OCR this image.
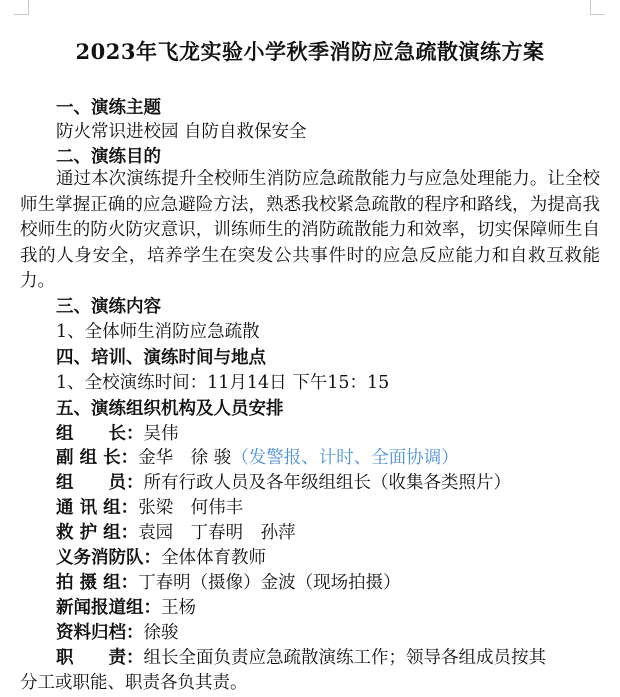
2023年飞龙实验小学秋季消防应急疏散演练方案
一、演练主题
防火常识进校园 自防自救保安全
二、演练目的
通过本次演练提升全校师生消防应急疏散能力与应急处理能力。让全校师生掌握正确的应急避险方法，熟悉我校紧急疏散的程序和路线，为提高我校师生的防火防灾意识，训练师生的消防疏散能力和效率，切实保障师生自我的人身安全，培养学生在突发公共事件时的应急反应能力和自救互救能力。
三、演练内容
1、全体师生消防应急疏散
四、培训、演练时间与地点
1、全校演练时间：11月14日 下午15：15
五、演练组织机构及人员安排
组　　长：吴伟
副 组 长：金华　徐 骏（发警报、计时、全面协调）
组　　员：所有行政人员及各年级组组长（收集各类照片）
通 讯 组：张梁　何伟丰
救 护 组：袁园　丁春明　孙萍
义务消防队：全体体育教师
拍 摄 组：丁春明（摄像）金波（现场拍摄）
新闻报道组：王杨
资料归档：徐骏
职　　责：组长全面负责应急疏散演练工作；领导各组成员按其
分工或职能、职责各负其责。
